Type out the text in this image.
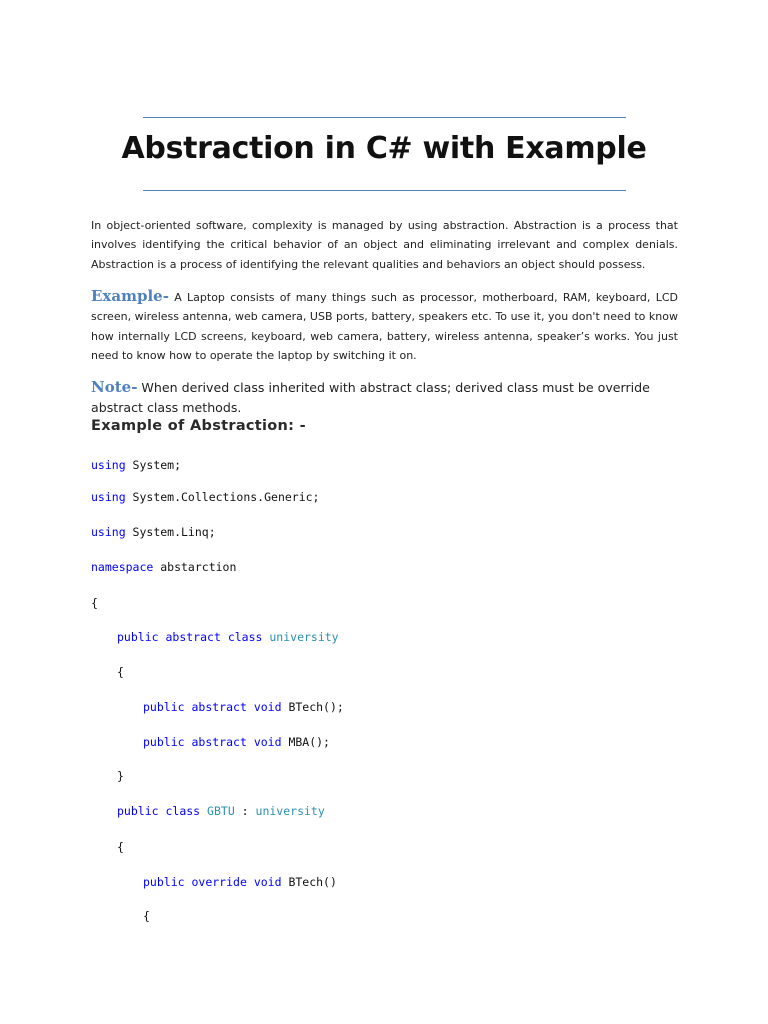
Abstraction in C# with Example
In object-oriented software, complexity is managed by using abstraction. Abstraction is a process that involves identifying the critical behavior of an object and eliminating irrelevant and complex denials. Abstraction is a process of identifying the relevant qualities and behaviors an object should possess.
Example- A Laptop consists of many things such as processor, motherboard, RAM, keyboard, LCD screen, wireless antenna, web camera, USB ports, battery, speakers etc. To use it, you don't need to know how internally LCD screens, keyboard, web camera, battery, wireless antenna, speaker’s works. You just need to know how to operate the laptop by switching it on.
Note- When derived class inherited with abstract class; derived class must be override abstract class methods.
Example of Abstraction: -
using System;
using System.Collections.Generic;
using System.Linq;
namespace abstarction
{
public abstract class university
{
public abstract void BTech();
public abstract void MBA();
}
public class GBTU : university
{
public override void BTech()
{
